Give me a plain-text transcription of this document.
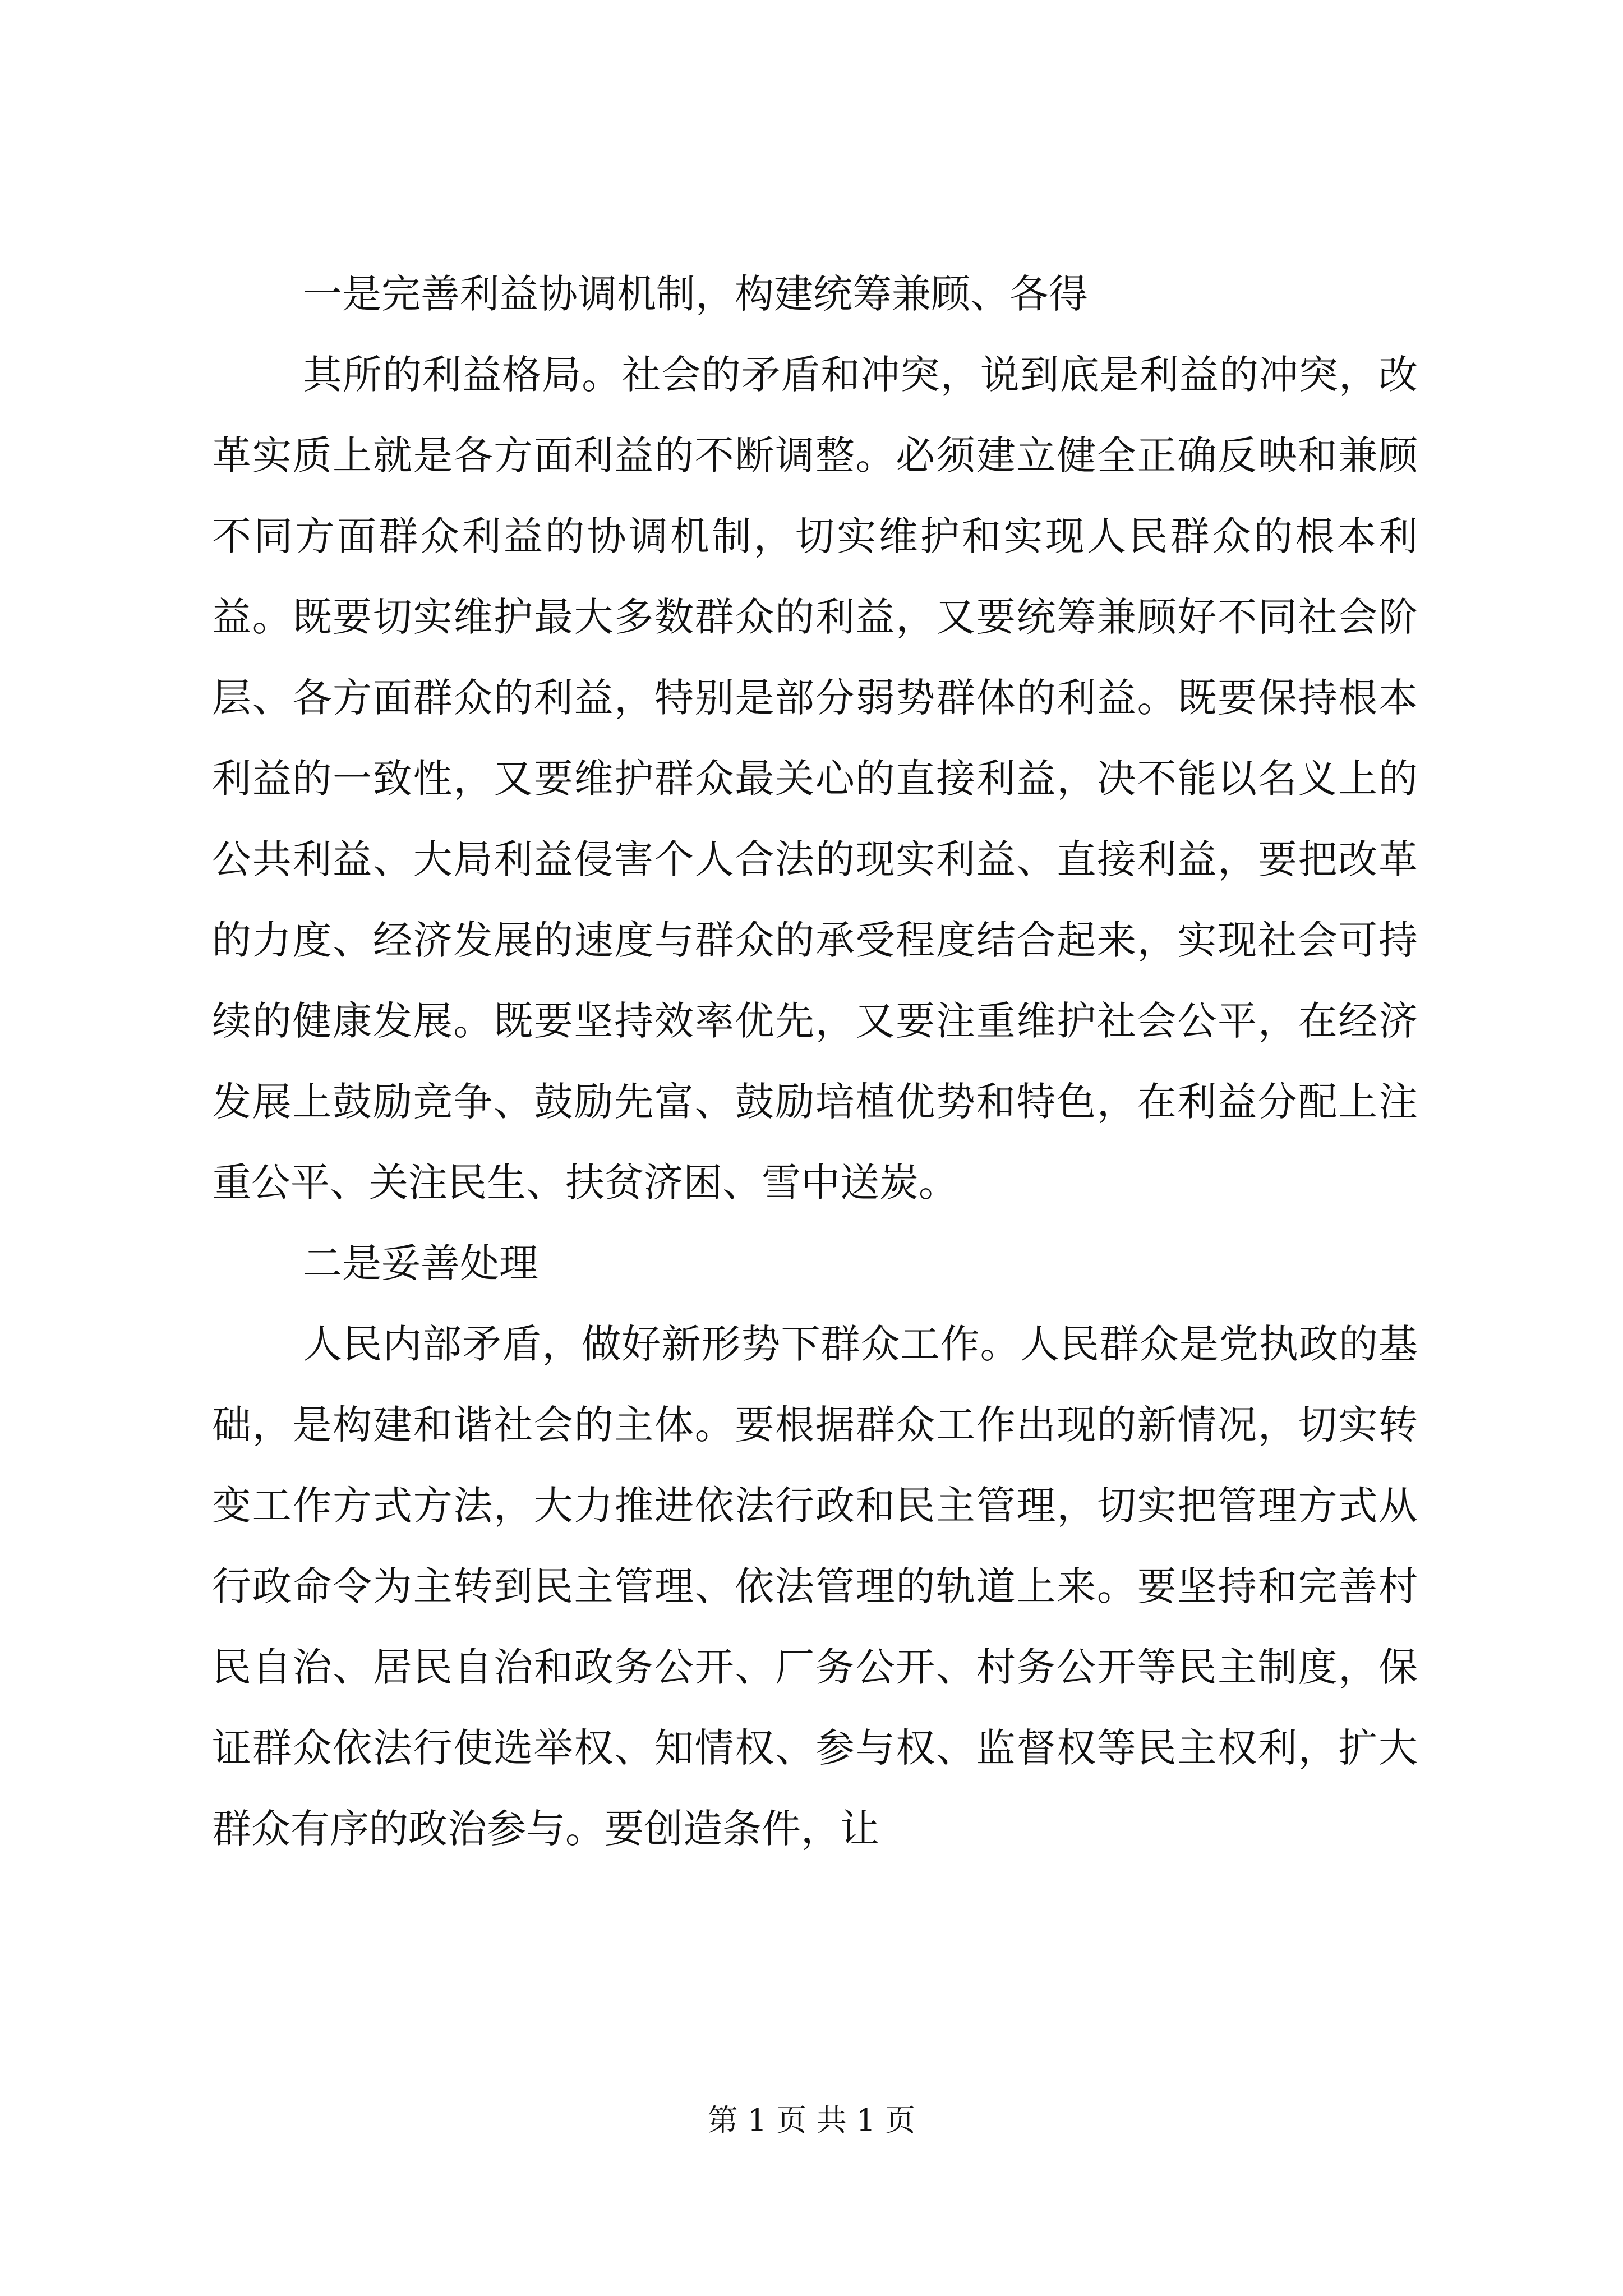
一是完善利益协调机制，构建统筹兼顾、各得

其所的利益格局。社会的矛盾和冲突，说到底是利益的冲突，改革实质上就是各方面利益的不断调整。必须建立健全正确反映和兼顾不同方面群众利益的协调机制，切实维护和实现人民群众的根本利益。既要切实维护最大多数群众的利益，又要统筹兼顾好不同社会阶层、各方面群众的利益，特别是部分弱势群体的利益。既要保持根本利益的一致性，又要维护群众最关心的直接利益，决不能以名义上的公共利益、大局利益侵害个人合法的现实利益、直接利益，要把改革的力度、经济发展的速度与群众的承受程度结合起来，实现社会可持续的健康发展。既要坚持效率优先，又要注重维护社会公平，在经济发展上鼓励竞争、鼓励先富、鼓励培植优势和特色，在利益分配上注重公平、关注民生、扶贫济困、雪中送炭。

二是妥善处理

人民内部矛盾，做好新形势下群众工作。人民群众是党执政的基础，是构建和谐社会的主体。要根据群众工作出现的新情况，切实转变工作方式方法，大力推进依法行政和民主管理，切实把管理方式从行政命令为主转到民主管理、依法管理的轨道上来。要坚持和完善村民自治、居民自治和政务公开、厂务公开、村务公开等民主制度，保证群众依法行使选举权、知情权、参与权、监督权等民主权利，扩大群众有序的政治参与。要创造条件，让

第 1 页 共 1 页
